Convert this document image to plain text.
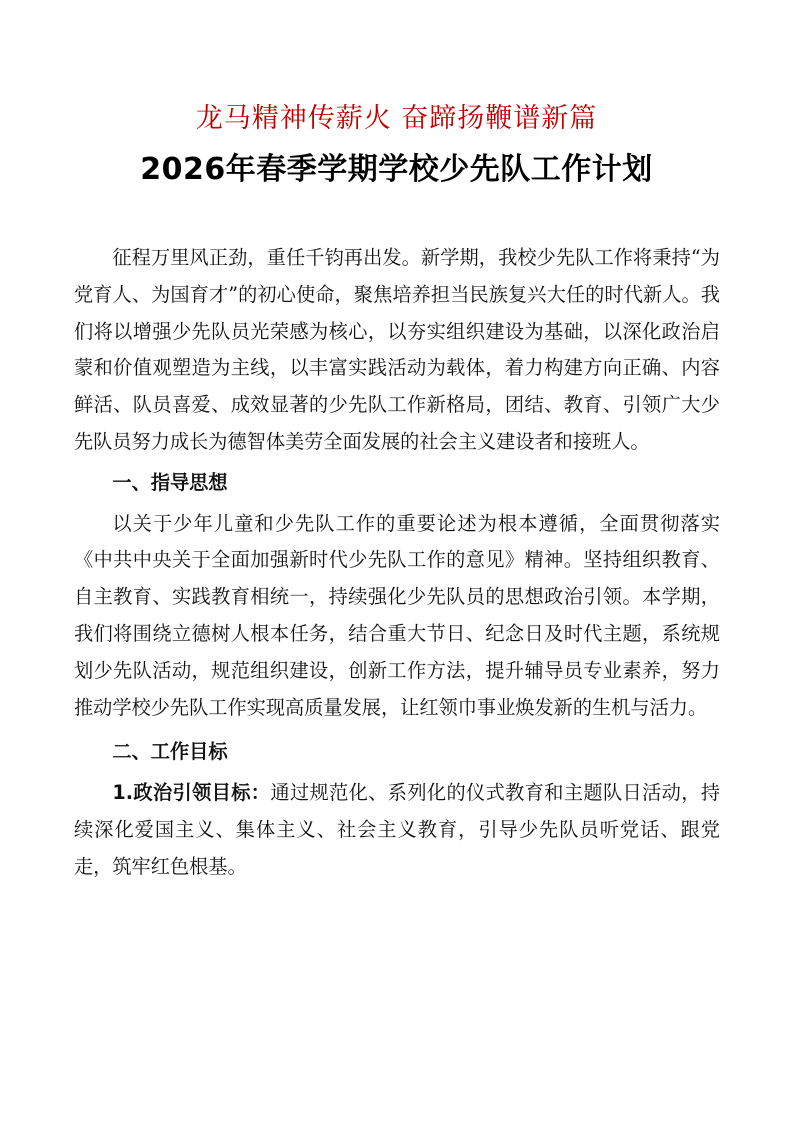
龙马精神传薪火 奋蹄扬鞭谱新篇
2026年春季学期学校少先队工作计划

征程万里风正劲，重任千钧再出发。新学期，我校少先队工作将秉持“为党育人、为国育才”的初心使命，聚焦培养担当民族复兴大任的时代新人。我们将以增强少先队员光荣感为核心，以夯实组织建设为基础，以深化政治启蒙和价值观塑造为主线，以丰富实践活动为载体，着力构建方向正确、内容鲜活、队员喜爱、成效显著的少先队工作新格局，团结、教育、引领广大少先队员努力成长为德智体美劳全面发展的社会主义建设者和接班人。

一、指导思想

以关于少年儿童和少先队工作的重要论述为根本遵循，全面贯彻落实《中共中央关于全面加强新时代少先队工作的意见》精神。坚持组织教育、自主教育、实践教育相统一，持续强化少先队员的思想政治引领。本学期，我们将围绕立德树人根本任务，结合重大节日、纪念日及时代主题，系统规划少先队活动，规范组织建设，创新工作方法，提升辅导员专业素养，努力推动学校少先队工作实现高质量发展，让红领巾事业焕发新的生机与活力。

二、工作目标

1.政治引领目标：通过规范化、系列化的仪式教育和主题队日活动，持续深化爱国主义、集体主义、社会主义教育，引导少先队员听党话、跟党走，筑牢红色根基。
